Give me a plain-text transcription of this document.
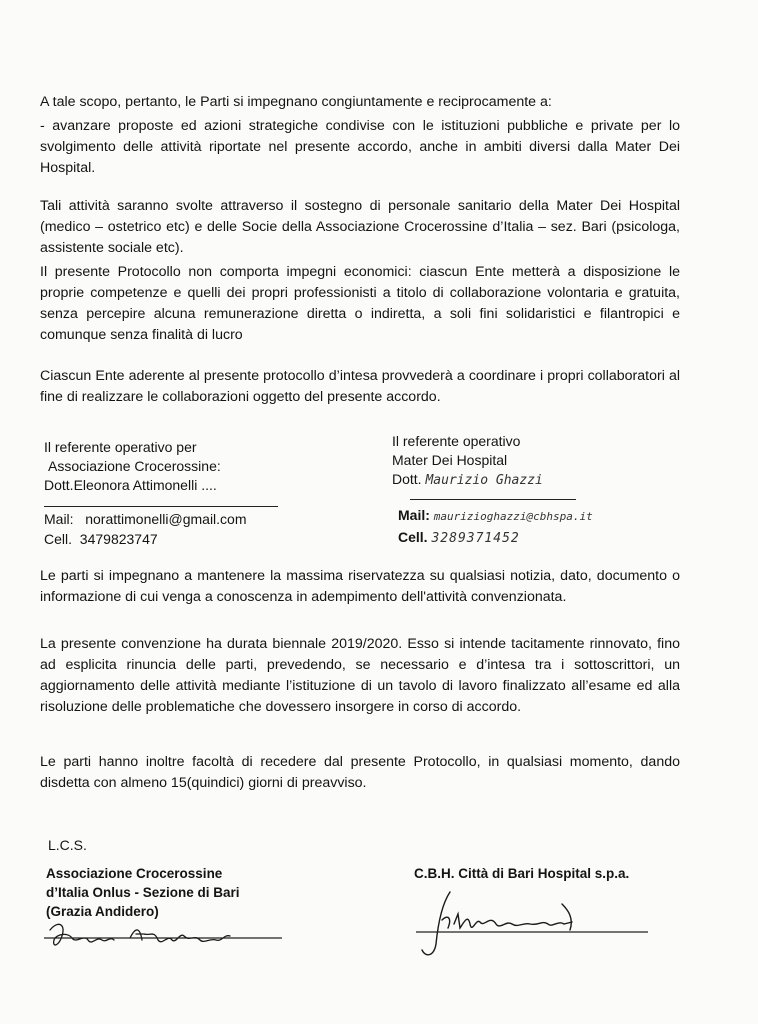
A tale scopo, pertanto, le Parti si impegnano congiuntamente e reciprocamente a:
- avanzare proposte ed azioni strategiche condivise con le istituzioni pubbliche e private per lo svolgimento delle attività riportate nel presente accordo, anche in ambiti diversi dalla Mater Dei Hospital.
Tali attività saranno svolte attraverso il sostegno di personale sanitario della Mater Dei Hospital (medico – ostetrico etc) e delle Socie della Associazione Crocerossine d’Italia – sez. Bari (psicologa, assistente sociale etc).
Il presente Protocollo non comporta impegni economici: ciascun Ente metterà a disposizione le proprie competenze e quelli dei propri professionisti a titolo di collaborazione volontaria e gratuita, senza percepire alcuna remunerazione diretta o indiretta, a soli fini solidaristici e filantropici e comunque senza finalità di lucro
Ciascun Ente aderente al presente protocollo d’intesa provvederà a coordinare i propri collaboratori al fine di realizzare le collaborazioni oggetto del presente accordo.
Il referente operativo per
Associazione Crocerossine:
Dott.Eleonora Attimonelli ....
Mail: norattimonelli@gmail.com
Cell. 3479823747
Il referente operativo
Mater Dei Hospital
Dott. Maurizio Ghazzi
Mail: maurizioghazzi@cbhspa.it
Cell. 3289371452
Le parti si impegnano a mantenere la massima riservatezza su qualsiasi notizia, dato, documento o informazione di cui venga a conoscenza in adempimento dell'attività convenzionata.
La presente convenzione ha durata biennale 2019/2020. Esso si intende tacitamente rinnovato, fino ad esplicita rinuncia delle parti, prevedendo, se necessario e d’intesa tra i sottoscrittori, un aggiornamento delle attività mediante l’istituzione di un tavolo di lavoro finalizzato all’esame ed alla risoluzione delle problematiche che dovessero insorgere in corso di accordo.
Le parti hanno inoltre facoltà di recedere dal presente Protocollo, in qualsiasi momento, dando disdetta con almeno 15(quindici) giorni di preavviso.
L.C.S.
Associazione Crocerossine
d’Italia Onlus - Sezione di Bari
(Grazia Andidero)
C.B.H. Città di Bari Hospital s.p.a.
